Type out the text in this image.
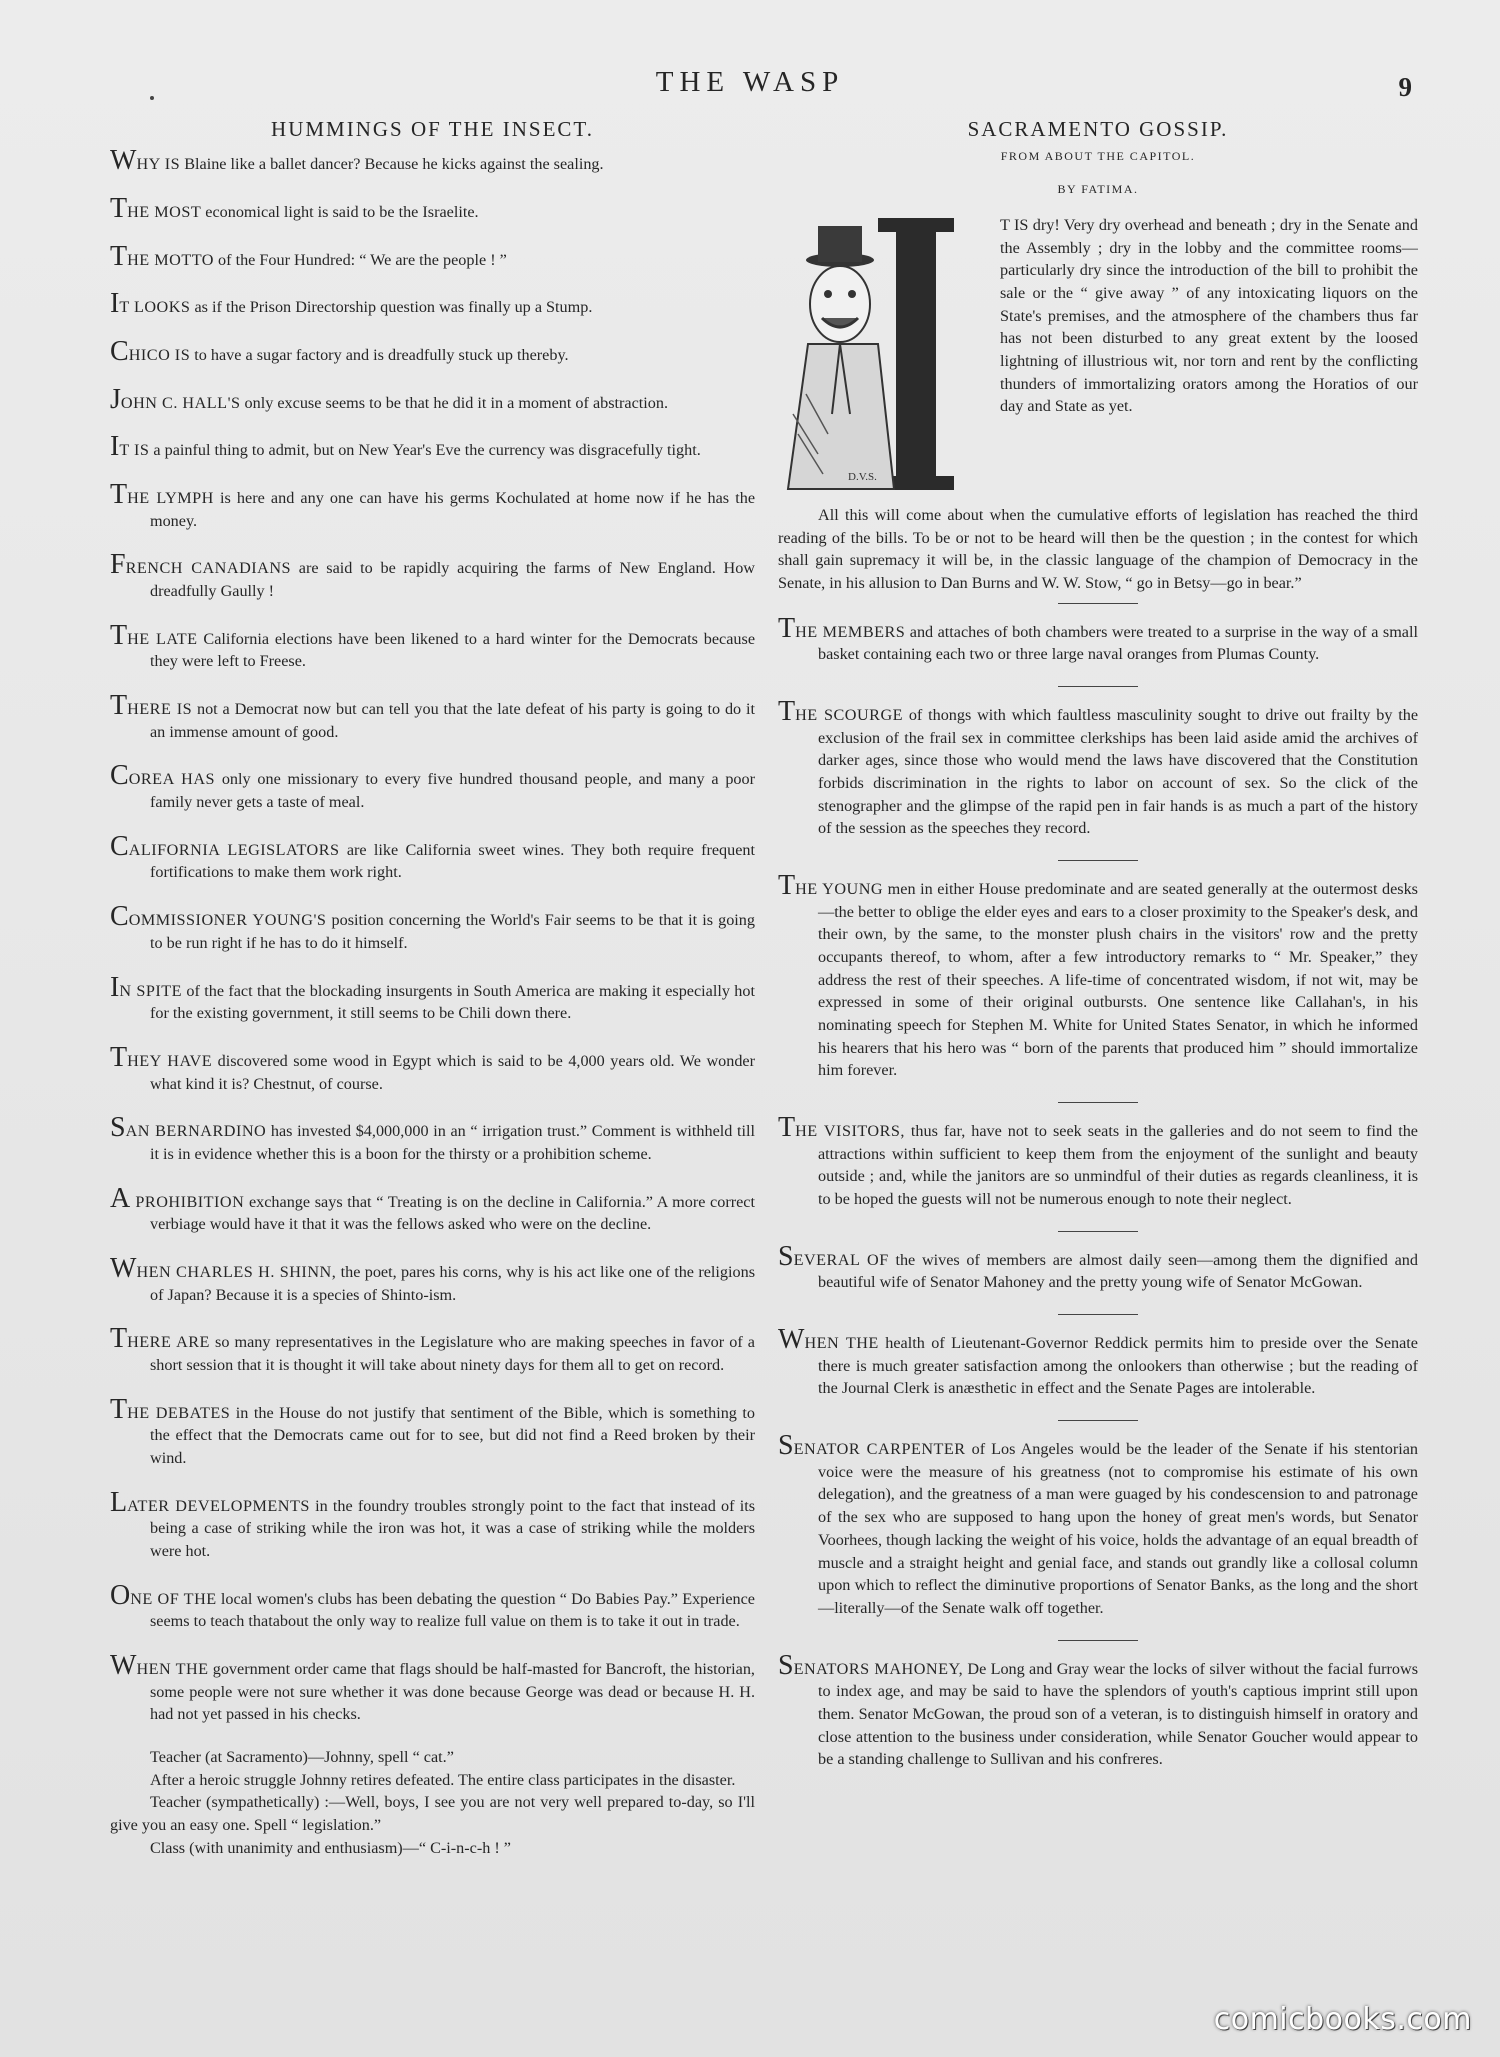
THE WASP	9
HUMMINGS OF THE INSECT.

WHY IS Blaine like a ballet dancer? Because he kicks against the sealing.

THE MOST economical light is said to be the Israelite.

THE MOTTO of the Four Hundred: “ We are the people ! ”

IT LOOKS as if the Prison Directorship question was finally up a Stump.

CHICO IS to have a sugar factory and is dreadfully stuck up thereby.

JOHN C. HALL'S only excuse seems to be that he did it in a moment of abstraction.

IT IS a painful thing to admit, but on New Year's Eve the currency was disgracefully tight.

THE LYMPH is here and any one can have his germs Kochulated at home now if he has the money.

FRENCH CANADIANS are said to be rapidly acquiring the farms of New England. How dreadfully Gaully !

THE LATE California elections have been likened to a hard winter for the Democrats because they were left to Freese.

THERE IS not a Democrat now but can tell you that the late defeat of his party is going to do it an immense amount of good.

COREA HAS only one missionary to every five hundred thousand people, and many a poor family never gets a taste of meal.

CALIFORNIA LEGISLATORS are like California sweet wines. They both require frequent fortifications to make them work right.

COMMISSIONER YOUNG'S position concerning the World's Fair seems to be that it is going to be run right if he has to do it himself.

IN SPITE of the fact that the blockading insurgents in South America are making it especially hot for the existing government, it still seems to be Chili down there.

THEY HAVE discovered some wood in Egypt which is said to be 4,000 years old. We wonder what kind it is? Chestnut, of course.

SAN BERNARDINO has invested $4,000,000 in an “ irrigation trust.” Comment is withheld till it is in evidence whether this is a boon for the thirsty or a prohibition scheme.

A PROHIBITION exchange says that “ Treating is on the decline in California.” A more correct verbiage would have it that it was the fellows asked who were on the decline.

WHEN CHARLES H. SHINN, the poet, pares his corns, why is his act like one of the religions of Japan? Because it is a species of Shinto-ism.

THERE ARE so many representatives in the Legislature who are making speeches in favor of a short session that it is thought it will take about ninety days for them all to get on record.

THE DEBATES in the House do not justify that sentiment of the Bible, which is something to the effect that the Democrats came out for to see, but did not find a Reed broken by their wind.

LATER DEVELOPMENTS in the foundry troubles strongly point to the fact that instead of its being a case of striking while the iron was hot, it was a case of striking while the molders were hot.

ONE OF THE local women's clubs has been debating the question “ Do Babies Pay.” Experience seems to teach thatabout the only way to realize full value on them is to take it out in trade.

WHEN THE government order came that flags should be half-masted for Bancroft, the historian, some people were not sure whether it was done because George was dead or because H. H. had not yet passed in his checks.

Teacher (at Sacramento)—Johnny, spell “ cat.”

After a heroic struggle Johnny retires defeated. The entire class participates in the disaster.

Teacher (sympathetically) :—Well, boys, I see you are not very well prepared to-day, so I'll give you an easy one. Spell “ legislation.”

Class (with unanimity and enthusiasm)—“ C-i-n-c-h ! ”

SACRAMENTO GOSSIP.
FROM ABOUT THE CAPITOL.
BY FATIMA.
D.V.S.

T IS dry! Very dry overhead and beneath ; dry in the Senate and the Assembly ; dry in the lobby and the committee rooms—particularly dry since the introduction of the bill to prohibit the sale or the “ give away ” of any intoxicating liquors on the State's premises, and the atmosphere of the chambers thus far has not been disturbed to any great extent by the loosed lightning of illustrious wit, nor torn and rent by the conflicting thunders of immortalizing orators among the Horatios of our day and State as yet.

All this will come about when the cumulative efforts of legislation has reached the third reading of the bills. To be or not to be heard will then be the question ; in the contest for which shall gain supremacy it will be, in the classic language of the champion of Democracy in the Senate, in his allusion to Dan Burns and W. W. Stow, “ go in Betsy—go in bear.”

THE MEMBERS and attaches of both chambers were treated to a surprise in the way of a small basket containing each two or three large naval oranges from Plumas County.

THE SCOURGE of thongs with which faultless masculinity sought to drive out frailty by the exclusion of the frail sex in committee clerkships has been laid aside amid the archives of darker ages, since those who would mend the laws have discovered that the Constitution forbids discrimination in the rights to labor on account of sex. So the click of the stenographer and the glimpse of the rapid pen in fair hands is as much a part of the history of the session as the speeches they record.

THE YOUNG men in either House predominate and are seated generally at the outermost desks—the better to oblige the elder eyes and ears to a closer proximity to the Speaker's desk, and their own, by the same, to the monster plush chairs in the visitors' row and the pretty occupants thereof, to whom, after a few introductory remarks to “ Mr. Speaker,” they address the rest of their speeches. A life-time of concentrated wisdom, if not wit, may be expressed in some of their original outbursts. One sentence like Callahan's, in his nominating speech for Stephen M. White for United States Senator, in which he informed his hearers that his hero was “ born of the parents that produced him ” should immortalize him forever.

THE VISITORS, thus far, have not to seek seats in the galleries and do not seem to find the attractions within sufficient to keep them from the enjoyment of the sunlight and beauty outside ; and, while the janitors are so unmindful of their duties as regards cleanliness, it is to be hoped the guests will not be numerous enough to note their neglect.

SEVERAL OF the wives of members are almost daily seen—among them the dignified and beautiful wife of Senator Mahoney and the pretty young wife of Senator McGowan.

WHEN THE health of Lieutenant-Governor Reddick permits him to preside over the Senate there is much greater satisfaction among the onlookers than otherwise ; but the reading of the Journal Clerk is anæsthetic in effect and the Senate Pages are intolerable.

SENATOR CARPENTER of Los Angeles would be the leader of the Senate if his stentorian voice were the measure of his greatness (not to compromise his estimate of his own delegation), and the greatness of a man were guaged by his condescension to and patronage of the sex who are supposed to hang upon the honey of great men's words, but Senator Voorhees, though lacking the weight of his voice, holds the advantage of an equal breadth of muscle and a straight height and genial face, and stands out grandly like a collosal column upon which to reflect the diminutive proportions of Senator Banks, as the long and the short—literally—of the Senate walk off together.

SENATORS MAHONEY, De Long and Gray wear the locks of silver without the facial furrows to index age, and may be said to have the splendors of youth's captious imprint still upon them. Senator McGowan, the proud son of a veteran, is to distinguish himself in oratory and close attention to the business under consideration, while Senator Goucher would appear to be a standing challenge to Sullivan and his confreres.

comicbooks.com
